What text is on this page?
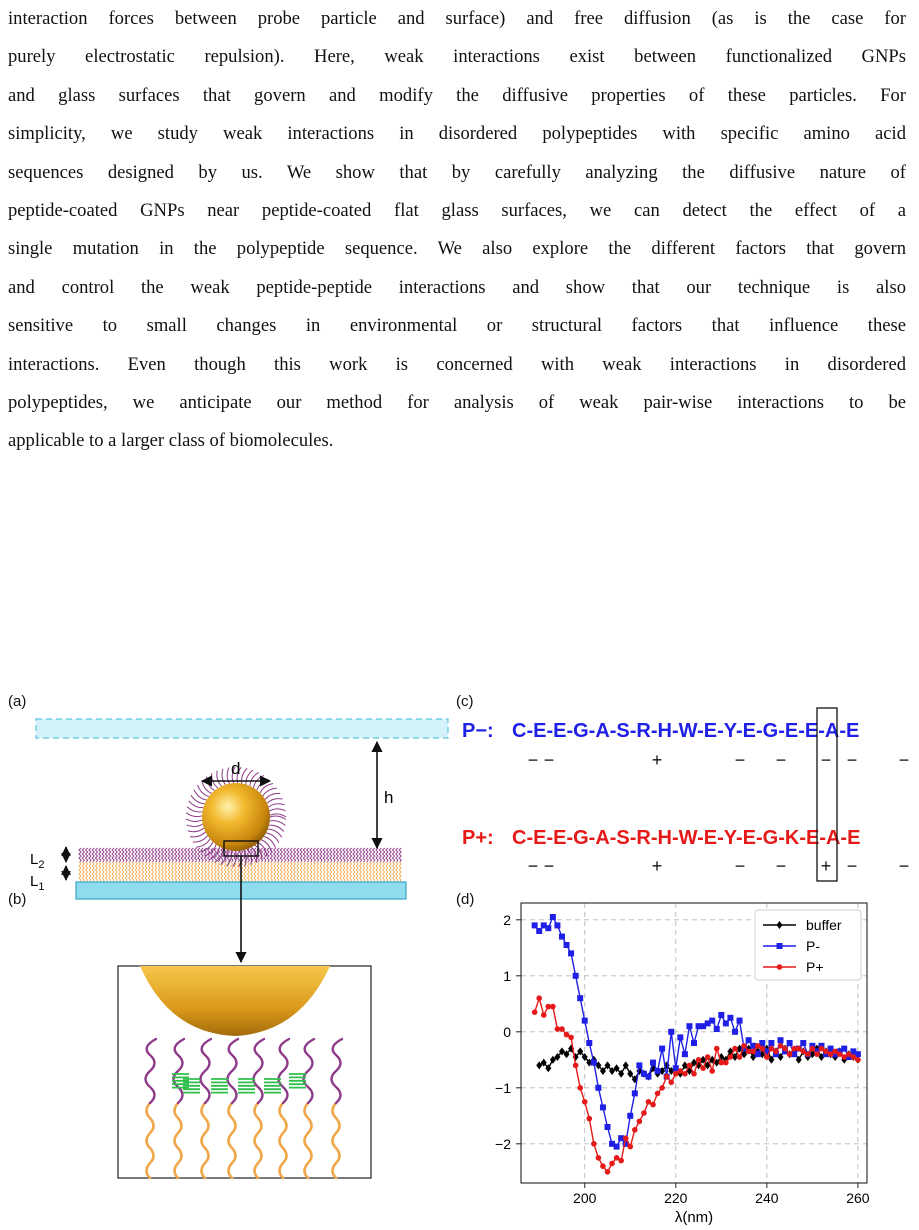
interaction forces between probe particle and surface) and free diffusion (as is the case for
purely electrostatic repulsion). Here, weak interactions exist between functionalized GNPs
and glass surfaces that govern and modify the diffusive properties of these particles. For
simplicity, we study weak interactions in disordered polypeptides with specific amino acid
sequences designed by us. We show that by carefully analyzing the diffusive nature of
peptide-coated GNPs near peptide-coated flat glass surfaces, we can detect the effect of a
single mutation in the polypeptide sequence. We also explore the different factors that govern
and control the weak peptide-peptide interactions and show that our technique is also
sensitive to small changes in environmental or structural factors that influence these
interactions. Even though this work is concerned with weak interactions in disordered
polypeptides, we anticipate our method for analysis of weak pair-wise interactions to be
applicable to a larger class of biomolecules.
(a)
(b)
(c)
(d)
d
h
$L_2$
$L_1$
P−: C-E-E-G-A-S-R-H-W-E-Y-E-G-E-E-A-E
− −	+	− − − − −
P+: C-E-E-G-A-S-R-H-W-E-Y-E-G-K-E-A-E
− −	+	− − + − −
200	220	240	260
2
1
0
−1
−2
λ(nm)
buffer
P-
P+
